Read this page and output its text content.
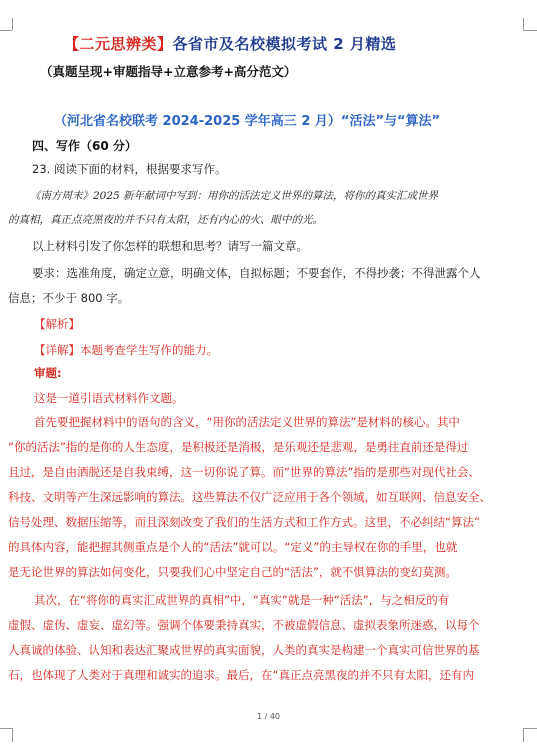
【二元思辨类】各省市及名校模拟考试 2 月精选
（真题呈现+审题指导+立意参考+高分范文）
（河北省名校联考 2024-2025 学年高三 2 月）“活法”与“算法”
四、写作（60 分）
23. 阅读下面的材料，根据要求写作。
《南方周末》2025 新年献词中写到：用你的活法定义世界的算法，将你的真实汇成世界
的真相，真正点亮黑夜的并不只有太阳，还有内心的火、眼中的光。
以上材料引发了你怎样的联想和思考？请写一篇文章。
要求：选准角度，确定立意，明确文体，自拟标题；不要套作，不得抄袭；不得泄露个人
信息；不少于 800 字。
【解析】
【详解】本题考查学生写作的能力。
审题:
这是一道引语式材料作文题。
首先要把握材料中的语句的含义，“用你的活法定义世界的算法”是材料的核心。其中
“你的活法”指的是你的人生态度，是积极还是消极，是乐观还是悲观，是勇往直前还是得过
且过，是自由洒脱还是自我束缚，这一切你说了算。而“世界的算法”指的是那些对现代社会、
科技、文明等产生深远影响的算法。这些算法不仅广泛应用于各个领域，如互联网、信息安全、
信号处理、数据压缩等，而且深刻改变了我们的生活方式和工作方式。这里，不必纠结“算法”
的具体内容，能把握其侧重点是个人的“活法”就可以。“定义”的主导权在你的手里，也就
是无论世界的算法如何变化，只要我们心中坚定自己的“活法”，就不惧算法的变幻莫测。
其次，在“将你的真实汇成世界的真相”中，“真实”就是一种“活法”，与之相反的有
虚假、虚伪、虚妄、虚幻等。强调个体要秉持真实，不被虚假信息、虚拟表象所迷惑，以每个
人真诚的体验、认知和表达汇聚成世界的真实面貌，人类的真实是构建一个真实可信世界的基
石，也体现了人类对于真理和诚实的追求。最后，在“真正点亮黑夜的并不只有太阳，还有内
1 / 40
